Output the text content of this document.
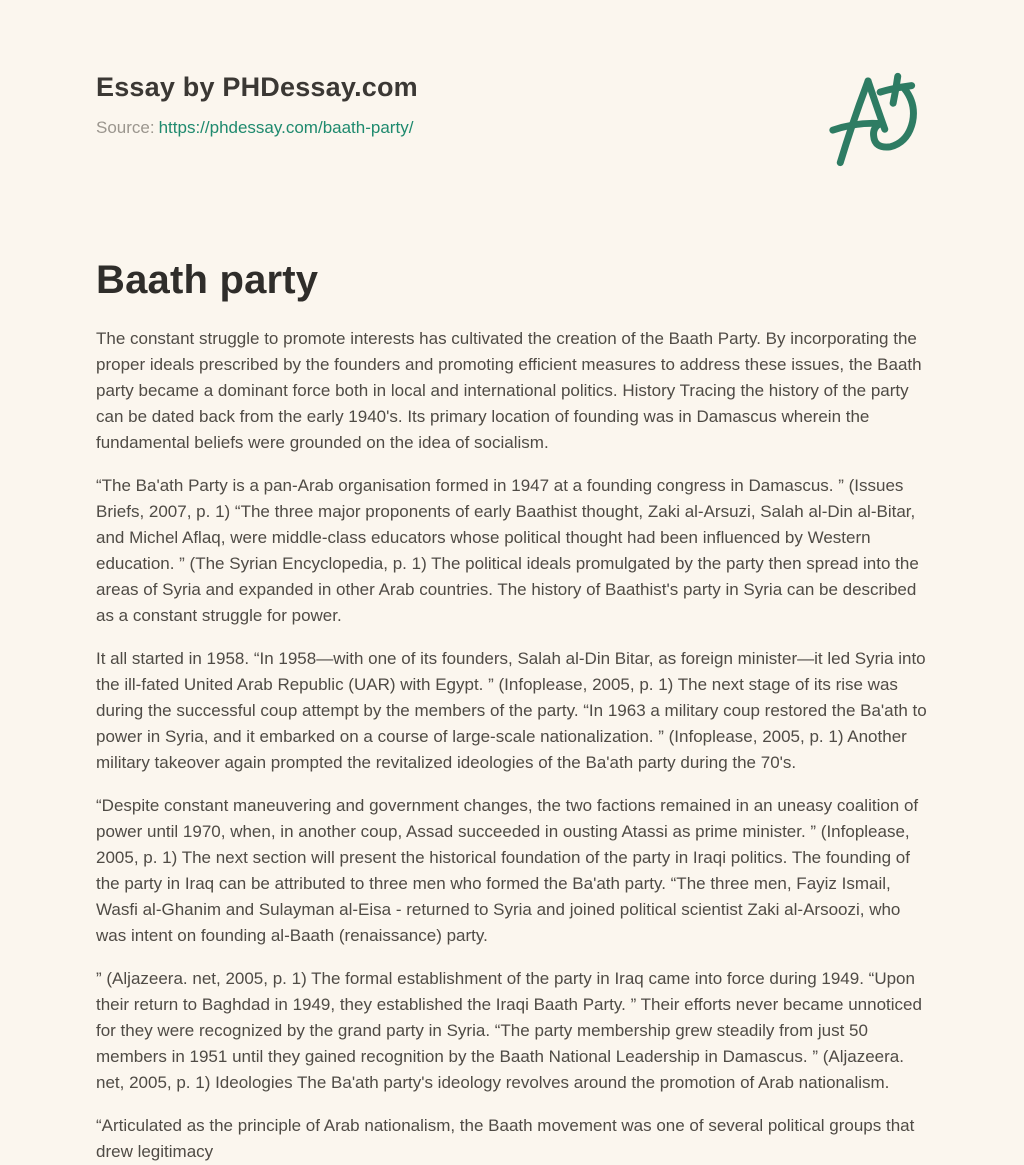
Essay by PHDessay.com
Source: https://phdessay.com/baath-party/
Baath party

The constant struggle to promote interests has cultivated the creation of the Baath Party. By incorporating the proper ideals prescribed by the founders and promoting efficient measures to address these issues, the Baath party became a dominant force both in local and international politics. History Tracing the history of the party can be dated back from the early 1940's. Its primary location of founding was in Damascus wherein the fundamental beliefs were grounded on the idea of socialism.

“The Ba'ath Party is a pan-Arab organisation formed in 1947 at a founding congress in Damascus. ” (Issues Briefs, 2007, p. 1) “The three major proponents of early Baathist thought, Zaki al-Arsuzi, Salah al-Din al-Bitar, and Michel Aflaq, were middle-class educators whose political thought had been influenced by Western education. ” (The Syrian Encyclopedia, p. 1) The political ideals promulgated by the party then spread into the areas of Syria and expanded in other Arab countries. The history of Baathist's party in Syria can be described as a constant struggle for power.

It all started in 1958. “In 1958—with one of its founders, Salah al-Din Bitar, as foreign minister—it led Syria into the ill-fated United Arab Republic (UAR) with Egypt. ” (Infoplease, 2005, p. 1) The next stage of its rise was during the successful coup attempt by the members of the party. “In 1963 a military coup restored the Ba'ath to power in Syria, and it embarked on a course of large-scale nationalization. ” (Infoplease, 2005, p. 1) Another military takeover again prompted the revitalized ideologies of the Ba'ath party during the 70's.

“Despite constant maneuvering and government changes, the two factions remained in an uneasy coalition of power until 1970, when, in another coup, Assad succeeded in ousting Atassi as prime minister. ” (Infoplease, 2005, p. 1) The next section will present the historical foundation of the party in Iraqi politics. The founding of the party in Iraq can be attributed to three men who formed the Ba'ath party. “The three men, Fayiz Ismail, Wasfi al-Ghanim and Sulayman al-Eisa - returned to Syria and joined political scientist Zaki al-Arsoozi, who was intent on founding al-Baath (renaissance) party.

” (Aljazeera. net, 2005, p. 1) The formal establishment of the party in Iraq came into force during 1949. “Upon their return to Baghdad in 1949, they established the Iraqi Baath Party. ” Their efforts never became unnoticed for they were recognized by the grand party in Syria. “The party membership grew steadily from just 50 members in 1951 until they gained recognition by the Baath National Leadership in Damascus. ” (Aljazeera. net, 2005, p. 1) Ideologies The Ba'ath party's ideology revolves around the promotion of Arab nationalism.

“Articulated as the principle of Arab nationalism, the Baath movement was one of several political groups that drew legitimacy
